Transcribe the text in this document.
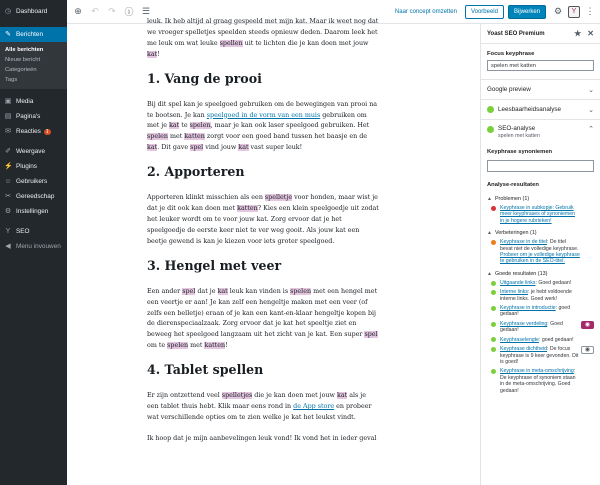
◷ Dashboard
✎ Berichten
Alle berichten
Nieuw bericht
Categorieën
Tags
▣ Media
▤ Pagina's
✉ Reacties	1
✐ Weergave
⚡ Plugins
☺ Gebruikers
✂ Gereedschap
⚙ Instellingen
Y SEO
◀ Menu invouwen
⊕ ↶ ↷ ⓘ ☰	Naar concept omzetten	Voorbeeld	Bijwerken	⚙	Y	⋮

leuk. Ik heb altijd al graag gespeeld met mijn kat. Maar ik weet nog dat we vroeger spelletjes speelden steeds opnieuw deden. Daarom leek het me leuk om wat leuke spellen uit te lichten die je kan doen met jouw kat!

1. Vang de prooi

Bij dit spel kan je speelgoed gebruiken om de bewegingen van prooi na te bootsen. Je kan speelgoed in de vorm van een muis gebruiken om met je kat te spelen, maar je kan ook laser speelgoed gebruiken. Het spelen met katten zorgt voor een goed band tussen het baasje en de kat. Dit gave spel vind jouw kat vast super leuk!

2. Apporteren

Apporteren klinkt misschien als een spelletje voor honden, maar wist je dat je dit ook kan doen met katten? Kies een klein speelgoedje uit zodat het leuker wordt om te voor jouw kat. Zorg ervoor dat je het speelgoedje de eerste keer niet te ver weg gooit. Als jouw kat een beetje gewend is kan je kiezen voor iets groter speelgoed.

3. Hengel met veer

Een ander spel dat je kat leuk kan vinden is spelen met een hengel met een veertje er aan! Je kan zelf een hengeltje maken met een veer (of zelfs een belletje) eraan of je kan een kant-en-klaar hengeltje kopen bij de dierenspeciaalzaak. Zorg ervoor dat je kat het speeltje ziet en beweeg het speelgoed langzaam uit het zicht van je kat. Een super spel om te spelen met katten!

4. Tablet spellen

Er zijn ontzettend veel spelletjes die je kan doen met jouw kat als je een tablet thuis hebt. Klik maar eens rond in de App store en probeer wat verschillende opties om te zien welke je kat het leukst vindt.

Ik hoop dat je mijn aanbevelingen leuk vond! Ik vond het in ieder geval

Yoast SEO Premium	★ ✕
Focus keyphrase
spelen met katten
Google preview	⌄
Leesbaarheidsanalyse	⌄
SEO-analyse
spelen met katten
⌃
Keyphrase synoniemen
Analyse-resultaten
▲ Problemen (1)
Keyphrase in subkopje: Gebruik meer keyphrases of synoniemen in je hogere rubrieken!
▲ Verbeteringen (1)
Keyphrase in de titel: De titel bevat niet de volledige keyphrase. Probeer om je volledige keyphrase te gebruiken in de SEO-titel.
▲ Goede resultaten (13)
Uitgaande links: Goed gedaan!
Interne links: je hebt voldoende interne links. Goed werk!
Keyphrase in introductie: goed gedaan!
Keyphrase verdeling: Goed gedaan!
◉
Keyphraselengte: goed gedaan!
Keyphrase dichtheid: De focus keyphrase is 9 keer gevonden. Dit is goed!
◉
Keyphrase in meta-omschrijving: De keyphrase of synoniem staan in de meta-omschrijving. Goed gedaan!
